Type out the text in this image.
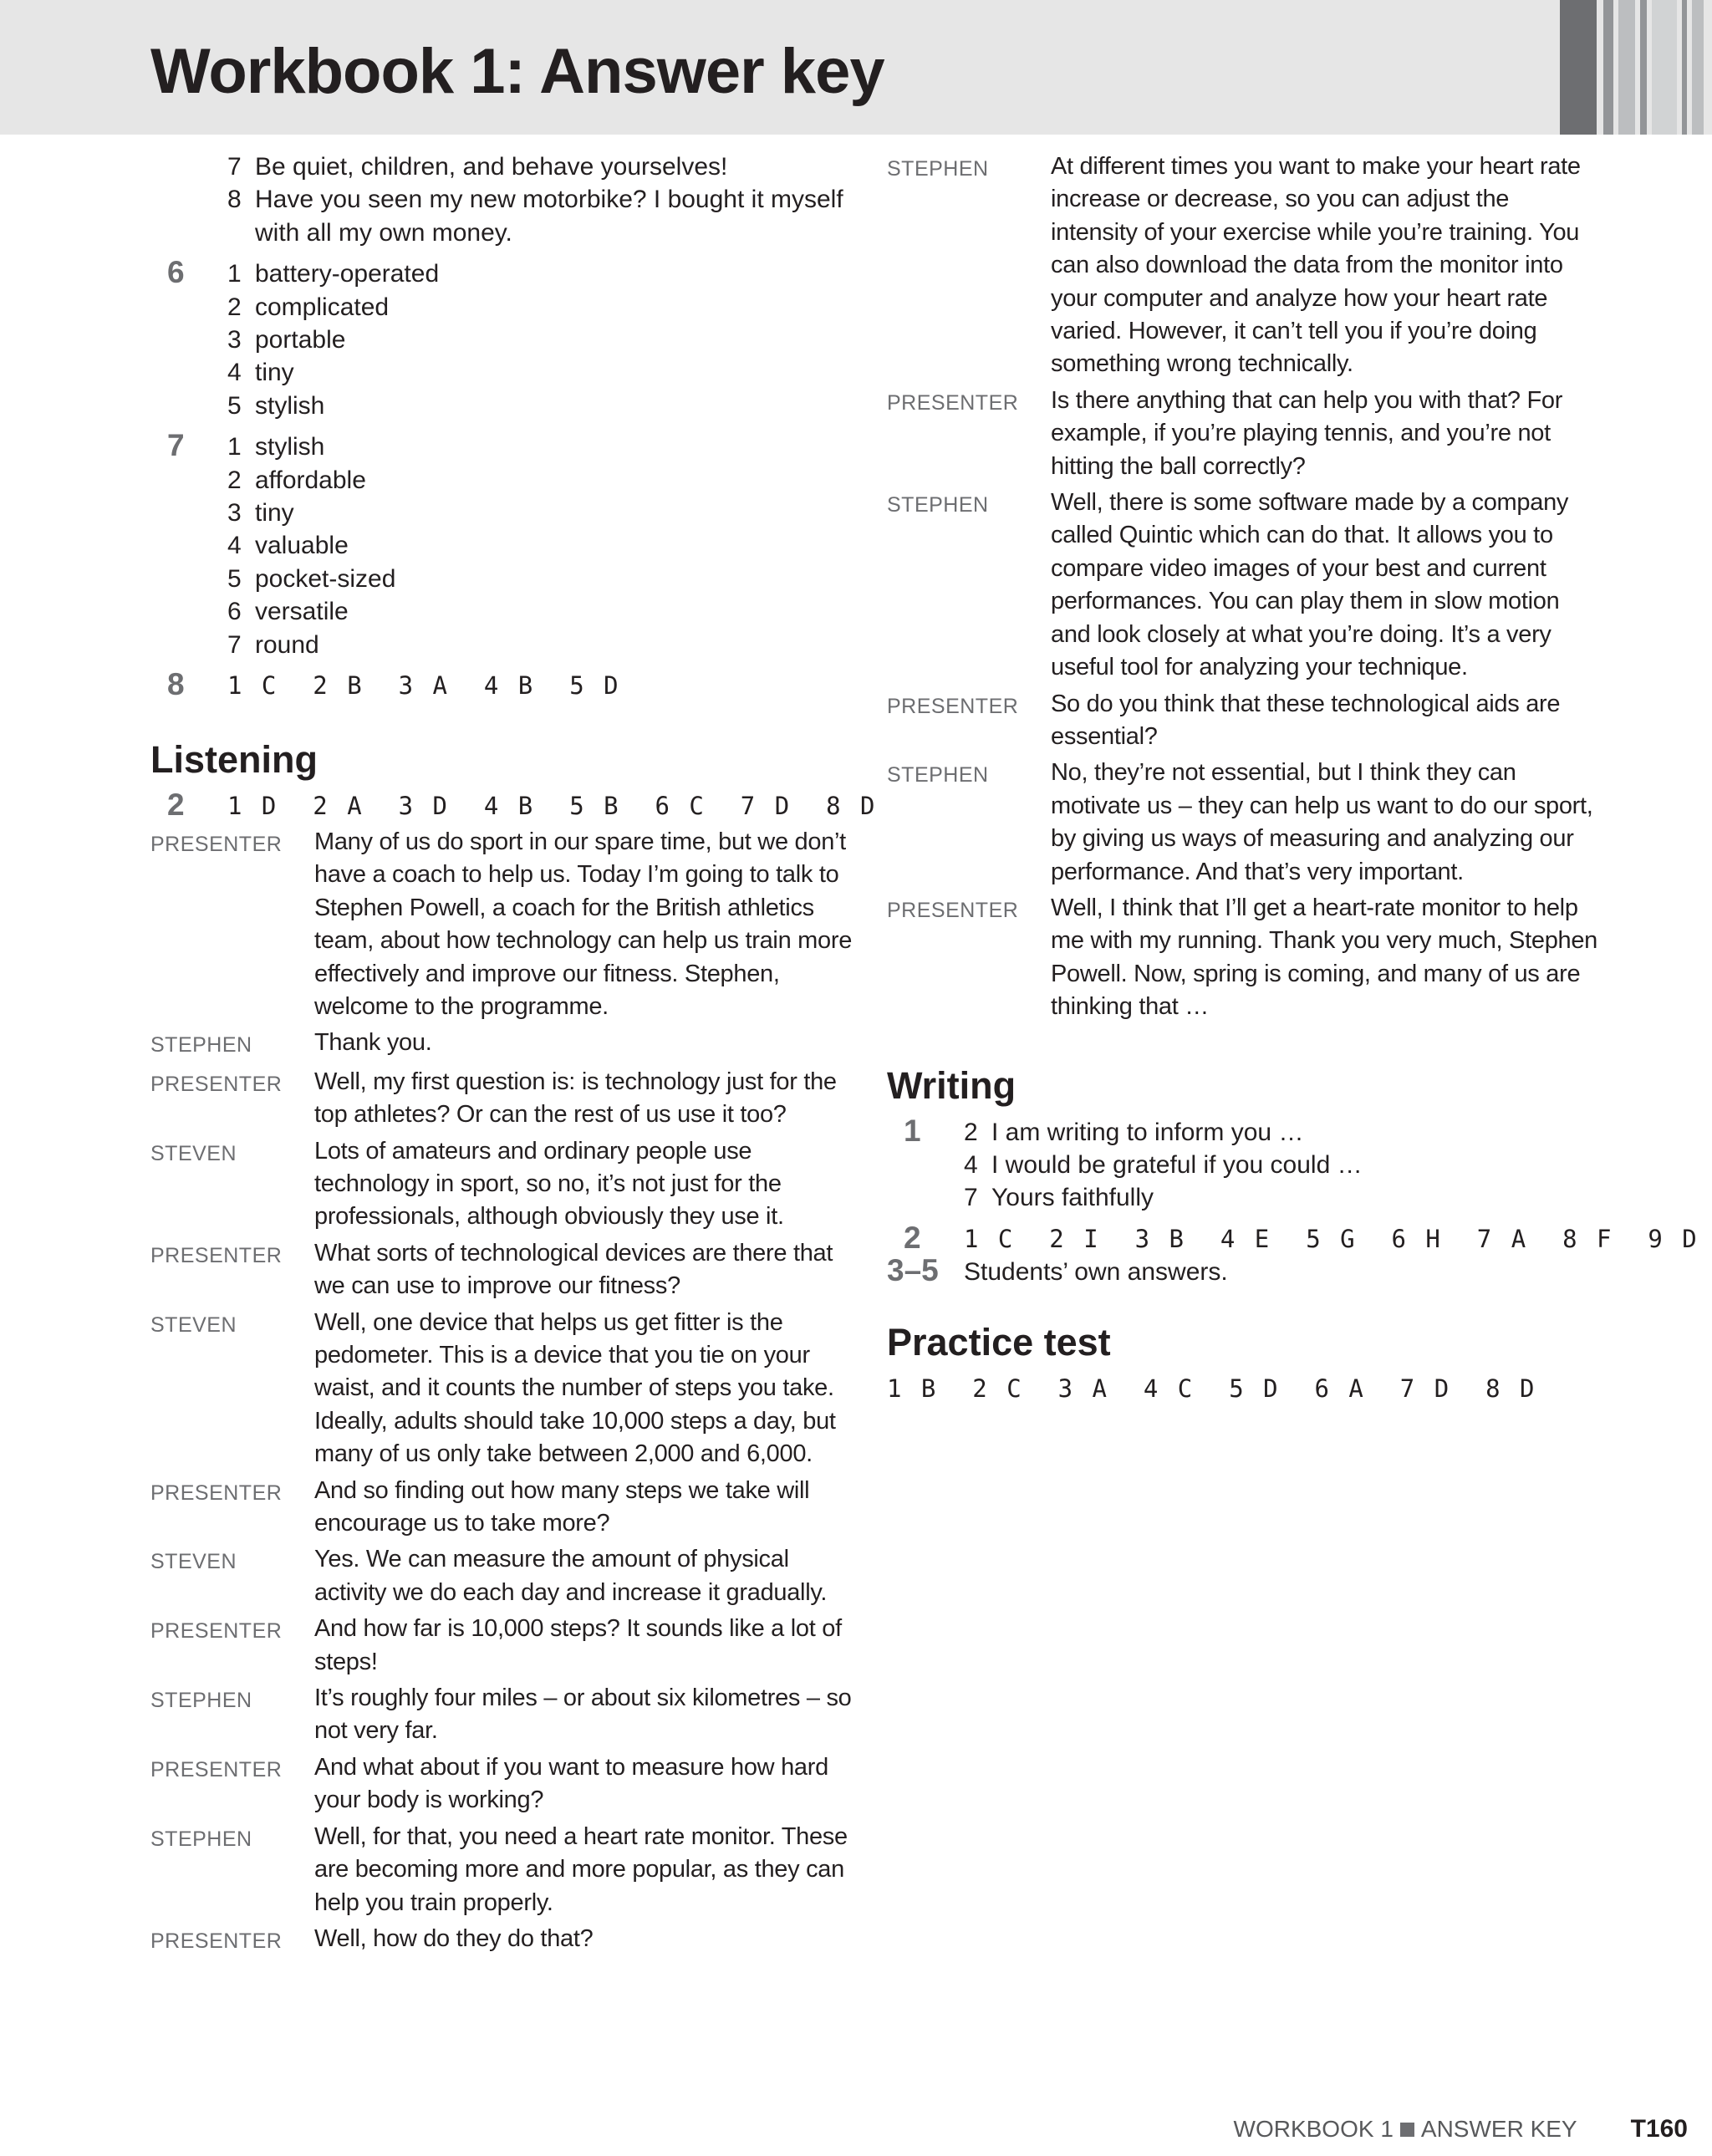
Workbook 1: Answer key
7 Be quiet, children, and behave yourselves!
8 Have you seen my new motorbike? I bought it myself with all my own money.
6 1 battery-operated
2 complicated
3 portable
4 tiny
5 stylish
7 1 stylish
2 affordable
3 tiny
4 valuable
5 pocket-sized
6 versatile
7 round
8 1 C  2 B  3 A  4 B  5 D
Listening
2 1 D  2 A  3 D  4 B  5 B  6 C  7 D  8 D
PRESENTER	Many of us do sport in our spare time, but we don’t have a coach to help us. Today I’m going to talk to Stephen Powell, a coach for the British athletics team, about how technology can help us train more effectively and improve our fitness. Stephen, welcome to the programme.
STEPHEN	Thank you.
PRESENTER	Well, my first question is: is technology just for the top athletes? Or can the rest of us use it too?
STEVEN	Lots of amateurs and ordinary people use technology in sport, so no, it’s not just for the professionals, although obviously they use it.
PRESENTER	What sorts of technological devices are there that we can use to improve our fitness?
STEVEN	Well, one device that helps us get fitter is the pedometer. This is a device that you tie on your waist, and it counts the number of steps you take. Ideally, adults should take 10,000 steps a day, but many of us only take between 2,000 and 6,000.
PRESENTER	And so finding out how many steps we take will encourage us to take more?
STEVEN	Yes. We can measure the amount of physical activity we do each day and increase it gradually.
PRESENTER	And how far is 10,000 steps? It sounds like a lot of steps!
STEPHEN	It’s roughly four miles – or about six kilometres – so not very far.
PRESENTER	And what about if you want to measure how hard your body is working?
STEPHEN	Well, for that, you need a heart rate monitor. These are becoming more and more popular, as they can help you train properly.
PRESENTER	Well, how do they do that?
STEPHEN	At different times you want to make your heart rate increase or decrease, so you can adjust the intensity of your exercise while you’re training. You can also download the data from the monitor into your computer and analyze how your heart rate varied. However, it can’t tell you if you’re doing something wrong technically.
PRESENTER	Is there anything that can help you with that? For example, if you’re playing tennis, and you’re not hitting the ball correctly?
STEPHEN	Well, there is some software made by a company called Quintic which can do that. It allows you to compare video images of your best and current performances. You can play them in slow motion and look closely at what you’re doing. It’s a very useful tool for analyzing your technique.
PRESENTER	So do you think that these technological aids are essential?
STEPHEN	No, they’re not essential, but I think they can motivate us – they can help us want to do our sport, by giving us ways of measuring and analyzing our performance. And that’s very important.
PRESENTER	Well, I think that I’ll get a heart-rate monitor to help me with my running. Thank you very much, Stephen Powell. Now, spring is coming, and many of us are thinking that …
Writing
1 2 I am writing to inform you …
4 I would be grateful if you could …
7 Yours faithfully
2 1 C  2 I  3 B  4 E  5 G  6 H  7 A  8 F  9 D
3–5 Students’ own answers.
Practice test
1 B  2 C  3 A  4 C  5 D  6 A  7 D  8 D
WORKBOOK 1 ANSWER KEY T160
